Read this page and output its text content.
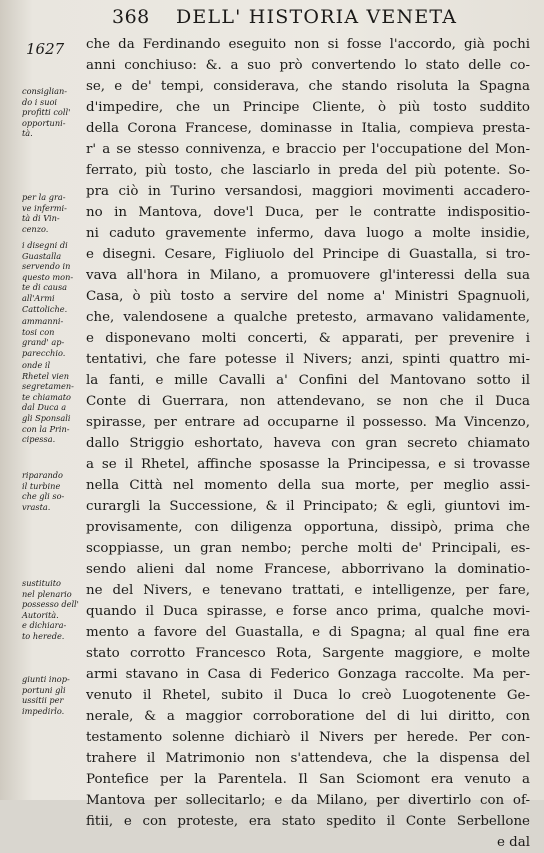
368 DELL' HISTORIA VENETA
1627
consiglian-
do i suoi
profitti coll'
opportuni-
tà.
per la gra-
ve infermi-
tà di Vin-
cenzo.
i disegni di
Guastalla
servendo in
questo mon-
te di causa
all'Armi
Cattoliche.
ammanni-
tosi con
grand' ap-
parecchio.
onde il
Rhetel vien
segretamen-
te chiamato
dal Duca a
gli Sponsali
con la Prin-
cipessa.
riparando
il turbine
che gli so-
vrasta.
sustituito
nel plenario
possesso dell'
Autorità.
e dichiara-
to herede.
giunti inop-
portuni gli
ussitii per
impedirlo.
che da Ferdinando eseguito non si fosse l'accordo, già pochi
anni conchiuso: &. a suo prò convertendo lo stato delle co-
se, e de' tempi, considerava, che stando risoluta la Spagna
d'impedire, che un Principe Cliente, ò più tosto suddito
della Corona Francese, dominasse in Italia, compieva presta-
r' a se stesso connivenza, e braccio per l'occupatione del Mon-
ferrato, più tosto, che lasciarlo in preda del più potente. So-
pra ciò in Turino versandosi, maggiori movimenti accadero-
no in Mantova, dove'l Duca, per le contratte indispositio-
ni caduto gravemente infermo, dava luogo a molte insidie,
e disegni. Cesare, Figliuolo del Principe di Guastalla, si tro-
vava all'hora in Milano, a promuovere gl'interessi della sua
Casa, ò più tosto a servire del nome a' Ministri Spagnuoli,
che, valendosene a qualche pretesto, armavano validamente,
e disponevano molti concerti, & apparati, per prevenire i
tentativi, che fare potesse il Nivers; anzi, spinti quattro mi-
la fanti, e mille Cavalli a' Confini del Mantovano sotto il
Conte di Guerrara, non attendevano, se non che il Duca
spirasse, per entrare ad occuparne il possesso. Ma Vincenzo,
dallo Striggio eshortato, haveva con gran secreto chiamato
a se il Rhetel, affinche sposasse la Principessa, e si trovasse
nella Città nel momento della sua morte, per meglio assi-
curargli la Successione, & il Principato; & egli, giuntovi im-
provisamente, con diligenza opportuna, dissipò, prima che
scoppiasse, un gran nembo; perche molti de' Principali, es-
sendo alieni dal nome Francese, abborrivano la dominatio-
ne del Nivers, e tenevano trattati, e intelligenze, per fare,
quando il Duca spirasse, e forse anco prima, qualche movi-
mento a favore del Guastalla, e di Spagna; al qual fine era
stato corrotto Francesco Rota, Sargente maggiore, e molte
armi stavano in Casa di Federico Gonzaga raccolte. Ma per-
venuto il Rhetel, subito il Duca lo creò Luogotenente Ge-
nerale, & a maggior corroboratione del di lui diritto, con
testamento solenne dichiarò il Nivers per herede. Per con-
trahere il Matrimonio non s'attendeva, che la dispensa del
Pontefice per la Parentela. Il San Sciomont era venuto a
Mantova per sollecitarlo; e da Milano, per divertirlo con of-
fitii, e con proteste, era stato spedito il Conte Serbellone
e dal
